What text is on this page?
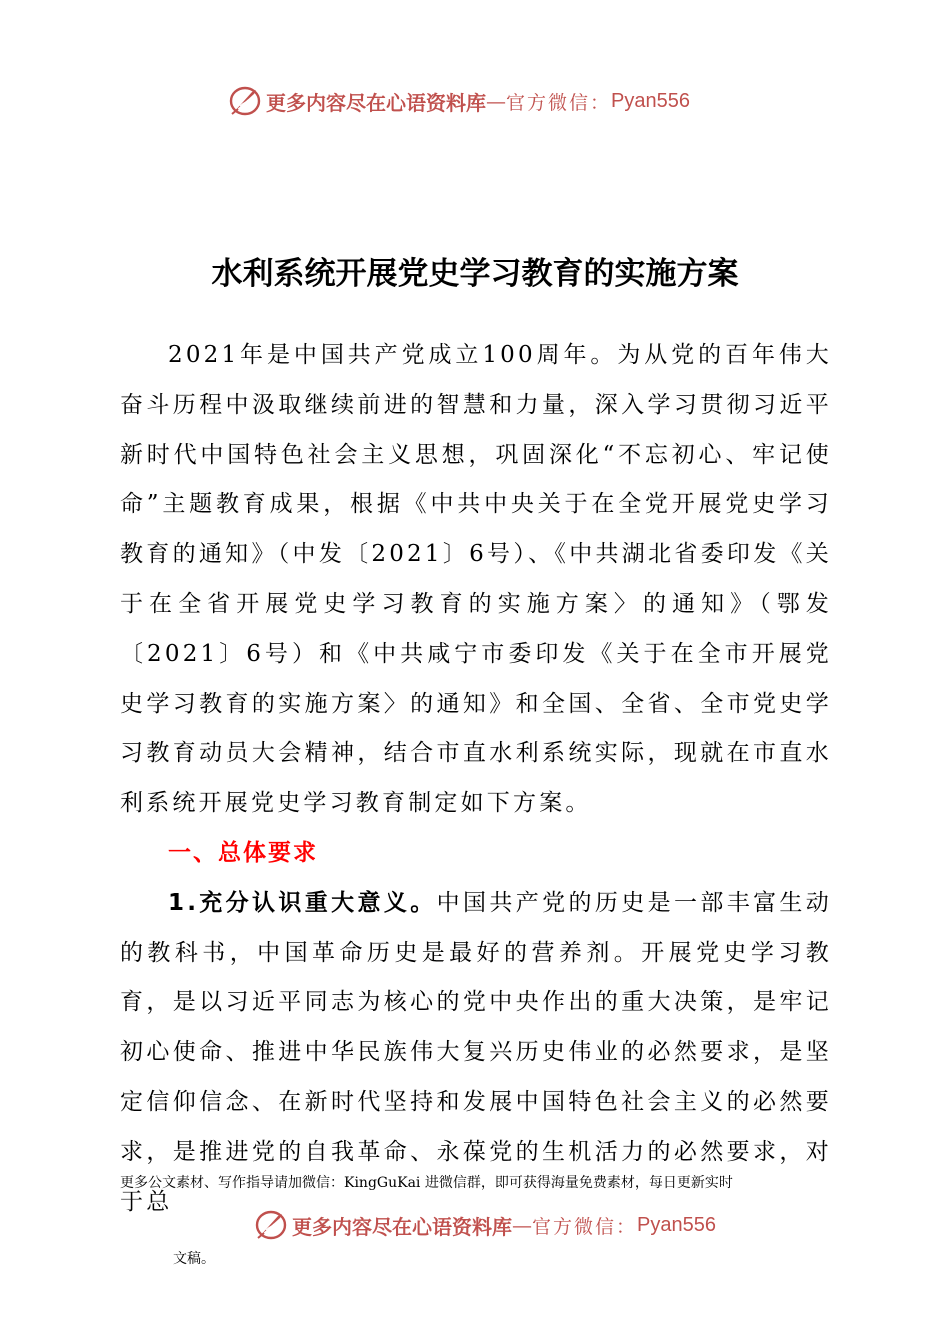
更多内容尽在心语资料库 — 官方微信： Pyan556
水利系统开展党史学习教育的实施方案

2021年是中国共产党成立100周年。为从党的百年伟大奋斗历程中汲取继续前进的智慧和力量，深入学习贯彻习近平新时代中国特色社会主义思想，巩固深化“不忘初心、牢记使命”主题教育成果，根据《中共中央关于在全党开展党史学习教育的通知》（中发〔2021〕6号）、《中共湖北省委印发《关于在全省开展党史学习教育的实施方案〉的通知》（鄂发〔2021〕6号）和《中共咸宁市委印发《关于在全市开展党史学习教育的实施方案〉的通知》和全国、全省、全市党史学习教育动员大会精神，结合市直水利系统实际，现就在市直水利系统开展党史学习教育制定如下方案。

一、总体要求

1.充分认识重大意义。中国共产党的历史是一部丰富生动的教科书，中国革命历史是最好的营养剂。开展党史学习教育，是以习近平同志为核心的党中央作出的重大决策，是牢记初心使命、推进中华民族伟大复兴历史伟业的必然要求，是坚定信仰信念、在新时代坚持和发展中国特色社会主义的必然要求，是推进党的自我革命、永葆党的生机活力的必然要求，对于总

更多公文素材、写作指导请加微信：KingGuKai 进微信群，即可获得海量免费素材，每日更新实时
更多内容尽在心语资料库 — 官方微信： Pyan556
文稿。
